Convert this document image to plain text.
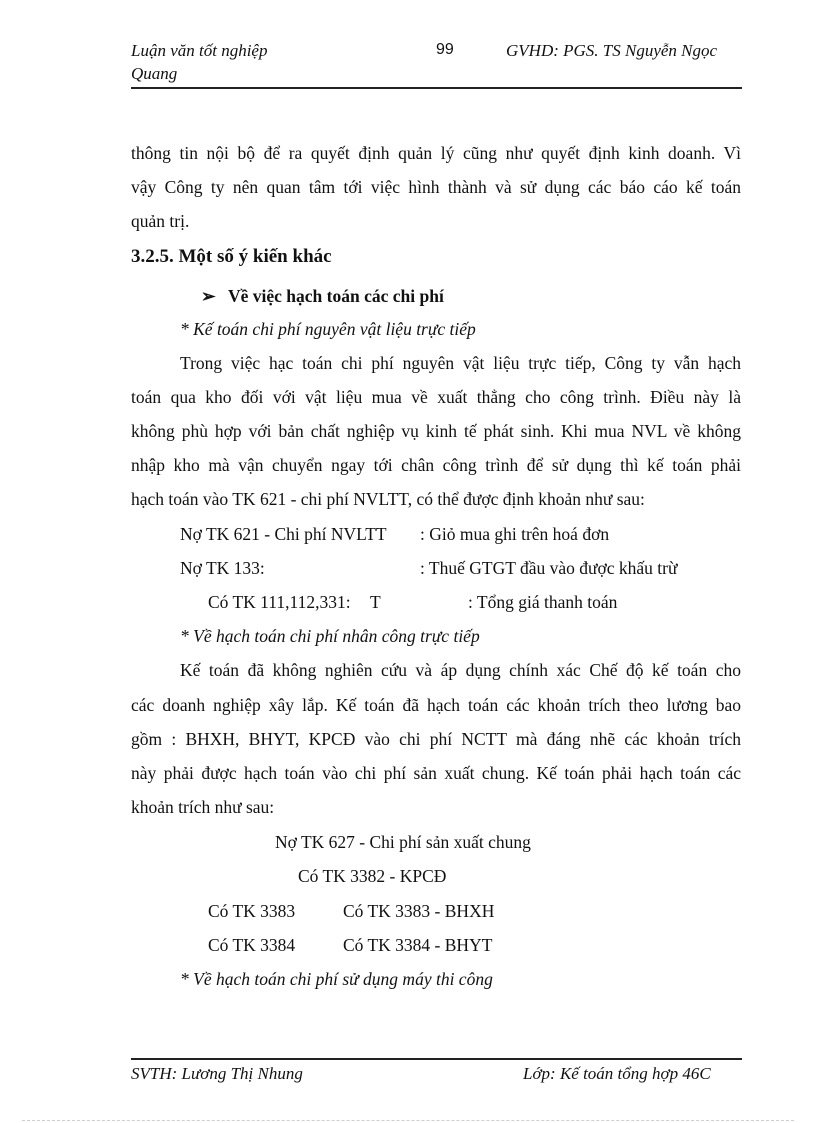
Luận văn tốt nghiệp
Quang
99	GVHD: PGS. TS Nguyễn Ngọc
thông tin nội bộ để ra quyết định quản lý cũng như quyết định kinh doanh. Vì
vậy Công ty nên quan tâm tới việc hình thành và sử dụng các báo cáo kế toán
quản trị.
3.2.5. Một số ý kiến khác
➢ Về việc hạch toán các chi phí
* Kế toán chi phí nguyên vật liệu trực tiếp
Trong việc hạc toán chi phí nguyên vật liệu trực tiếp, Công ty vẫn hạch
toán qua kho đối với vật liệu mua về xuất thẳng cho công trình. Điều này là
không phù hợp với bản chất nghiệp vụ kinh tế phát sinh. Khi mua NVL về không
nhập kho mà vận chuyển ngay tới chân công trình để sử dụng thì kế toán phải
hạch toán vào TK 621 - chi phí NVLTT, có thể được định khoản như sau:
Nợ TK 621 - Chi phí NVLTT : Giỏ mua ghi trên hoá đơn
Nợ TK 133:	: Thuế GTGT đầu vào được khấu trừ
Có TK 111,112,331: T	: Tổng giá thanh toán
* Về hạch toán chi phí nhân công trực tiếp
Kế toán đã không nghiên cứu và áp dụng chính xác Chế độ kế toán cho
các doanh nghiệp xây lắp. Kế toán đã hạch toán các khoản trích theo lương bao
gồm : BHXH, BHYT, KPCĐ vào chi phí NCTT mà đáng nhẽ các khoản trích
này phải được hạch toán vào chi phí sản xuất chung. Kế toán phải hạch toán các
khoản trích như sau:
Nợ TK 627 - Chi phí sản xuất chung
Có TK 3382 - KPCĐ
Có TK 3383	Có TK 3383 - BHXH
Có TK 3384	Có TK 3384 - BHYT
* Về hạch toán chi phí sử dụng máy thi công
SVTH: Lương Thị Nhung	Lớp: Kế toán tổng hợp 46C
